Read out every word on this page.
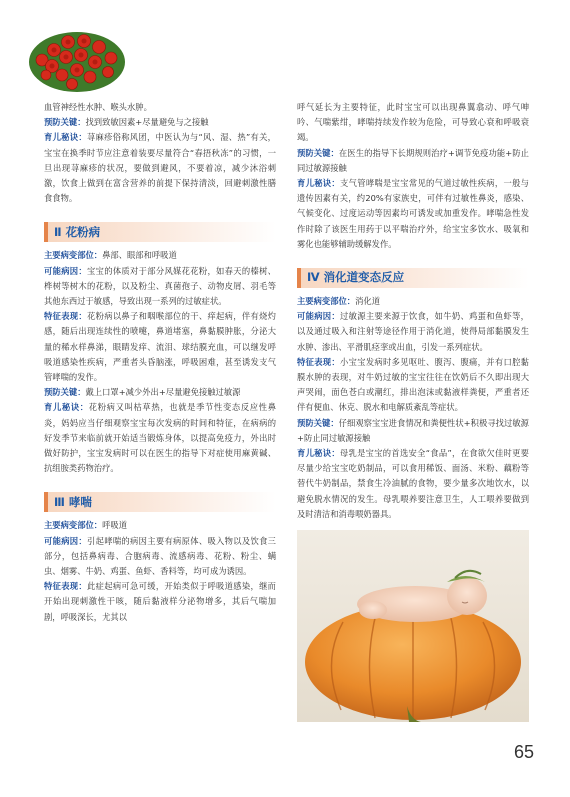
血管神经性水肿、喉头水肿。

预防关键：找到致敏因素+尽量避免与之接触

育儿秘诀：荨麻疹俗称风团，中医认为与“风、湿、热”有关，宝宝在换季时节应注意着装要尽量符合“春捂秋冻”的习惯，一旦出现荨麻疹的状况，要做到避风，不要着凉，减少沐浴刺激，饮食上做到在富含营养的前提下保持清淡，回避刺激性膳食食物。

Ⅱ 花粉病

主要病变部位：鼻部、眼部和呼吸道

可能病因：宝宝的体质对于部分风媒花花粉，如春天的榛树、桦树等树木的花粉，以及粉尘、真菌孢子、动物皮屑、羽毛等其他东西过于敏感，导致出现一系列的过敏症状。

特征表现：花粉病以鼻子和咽喉部位的干、痒起病，伴有烧灼感，随后出现连续性的喷嚏，鼻道堵塞，鼻黏膜肿胀，分泌大量的稀水样鼻涕，眼睛发痒、流泪、球结膜充血，可以继发呼吸道感染性疾病，严重者头昏脑涨，呼吸困难，甚至诱发支气管哮喘的发作。

预防关键：戴上口罩+减少外出+尽量避免接触过敏源

育儿秘诀：花粉病又叫枯草热，也就是季节性变态反应性鼻炎，妈妈应当仔细观察宝宝每次发病的时间和特征，在病病的好发季节来临前就开始适当锻炼身体，以提高免疫力，外出时做好防护，宝宝发病时可以在医生的指导下对症使用麻黄碱、抗组胺类药物治疗。

Ⅲ 哮喘

主要病变部位：呼吸道

可能病因：引起哮喘的病因主要有病原体、吸入物以及饮食三部分，包括鼻病毒、合胞病毒、流感病毒、花粉、粉尘、螨虫、烟雾、牛奶、鸡蛋、鱼虾、香料等，均可成为诱因。

特征表现：此症起病可急可缓，开始类似于呼吸道感染，继而开始出现刺激性干咳，随后黏液样分泌物增多，其后气喘加剧，呼吸深长，尤其以

呼气延长为主要特征，此时宝宝可以出现鼻翼翕动、呼气呻吟、气喘紫绀，哮喘持续发作较为危险，可导致心衰和呼吸衰竭。

预防关键：在医生的指导下长期规则治疗+调节免疫功能+防止同过敏源接触

育儿秘诀：支气管哮喘是宝宝常见的气道过敏性疾病，一般与遗传因素有关，约20%有家族史，可伴有过敏性鼻炎，感染、气候变化、过度运动等因素均可诱发或加重发作。哮喘急性发作时除了该医生用药于以平喘治疗外，给宝宝多饮水、吸氧和雾化也能够辅助缓解发作。

Ⅳ 消化道变态反应

主要病变部位：消化道

可能病因：过敏源主要来源于饮食，如牛奶、鸡蛋和鱼虾等，以及通过吸入和注射等途径作用于消化道，使得局部黏膜发生水肿、渗出、平滑肌痉挛或出血，引发一系列症状。

特征表现：小宝宝发病时多见呕吐、腹泻、腹痛，并有口腔黏膜水肿的表现，对牛奶过敏的宝宝往往在饮奶后不久即出现大声哭闹，面色苍白或潮红，排出泡沫或黏液样粪便，严重者还伴有便血、休克、脱水和电解质紊乱等症状。

预防关键：仔细观察宝宝进食情况和粪便性状+积极寻找过敏源+防止同过敏源接触

育儿秘诀：母乳是宝宝的首选安全“食品”，在食欲欠佳时更要尽量少给宝宝吃奶制品，可以食用稀饭、面汤、米粉、藕粉等替代牛奶制品，禁食生冷油腻的食物，要少量多次地饮水，以避免脱水情况的发生。母乳喂养要注意卫生，人工喂养要做到及时清洁和消毒喂奶器具。

65
